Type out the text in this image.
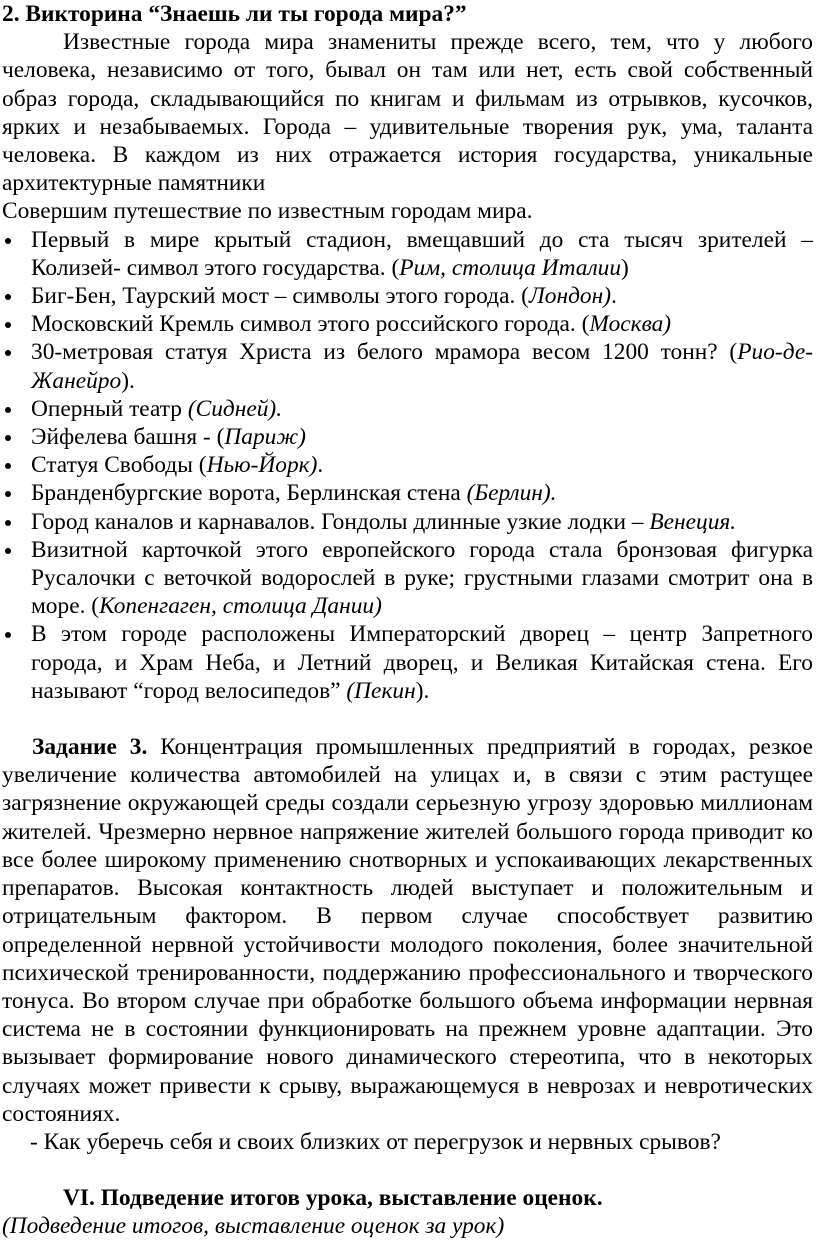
2. Викторина “Знаешь ли ты города мира?”

Известные города мира знамениты прежде всего, тем, что у любого человека, независимо от того, бывал он там или нет, есть свой собственный образ города, складывающийся по книгам и фильмам из отрывков, кусочков, ярких и незабываемых. Города – удивительные творения рук, ума, таланта человека. В каждом из них отражается история государства, уникальные архитектурные памятники

Совершим путешествие по известным городам мира.

Первый в мире крытый стадион, вмещавший до ста тысяч зрителей – Колизей- символ этого государства. (Рим, столица Италии)
Биг-Бен, Таурский мост – символы этого города. (Лондон).
Московский Кремль символ этого российского города. (Москва)
30-метровая статуя Христа из белого мрамора весом 1200 тонн? (Рио-де-Жанейро).
Оперный театр (Сидней).
Эйфелева башня - (Париж)
Статуя Свободы (Нью-Йорк).
Бранденбургские ворота, Берлинская стена (Берлин).
Город каналов и карнавалов. Гондолы длинные узкие лодки – Венеция.
Визитной карточкой этого европейского города стала бронзовая фигурка Русалочки с веточкой водорослей в руке; грустными глазами смотрит она в море. (Копенгаген, столица Дании)
В этом городе расположены Императорский дворец – центр Запретного города, и Храм Неба, и Летний дворец, и Великая Китайская стена. Его называют “город велосипедов” (Пекин).

Задание 3. Концентрация промышленных предприятий в городах, резкое увеличение количества автомобилей на улицах и, в связи с этим растущее загрязнение окружающей среды создали серьезную угрозу здоровью миллионам жителей. Чрезмерно нервное напряжение жителей большого города приводит ко все более широкому применению снотворных и успокаивающих лекарственных препаратов. Высокая контактность людей выступает и положительным и отрицательным фактором. В первом случае способствует развитию определенной нервной устойчивости молодого поколения, более значительной психической тренированности, поддержанию профессионального и творческого тонуса. Во втором случае при обработке большого объема информации нервная система не в состоянии функционировать на прежнем уровне адаптации. Это вызывает формирование нового динамического стереотипа, что в некоторых случаях может привести к срыву, выражающемуся в неврозах и невротических состояниях.

- Как уберечь себя и своих близких от перегрузок и нервных срывов?

VI. Подведение итогов урока, выставление оценок.

(Подведение итогов, выставление оценок за урок)
